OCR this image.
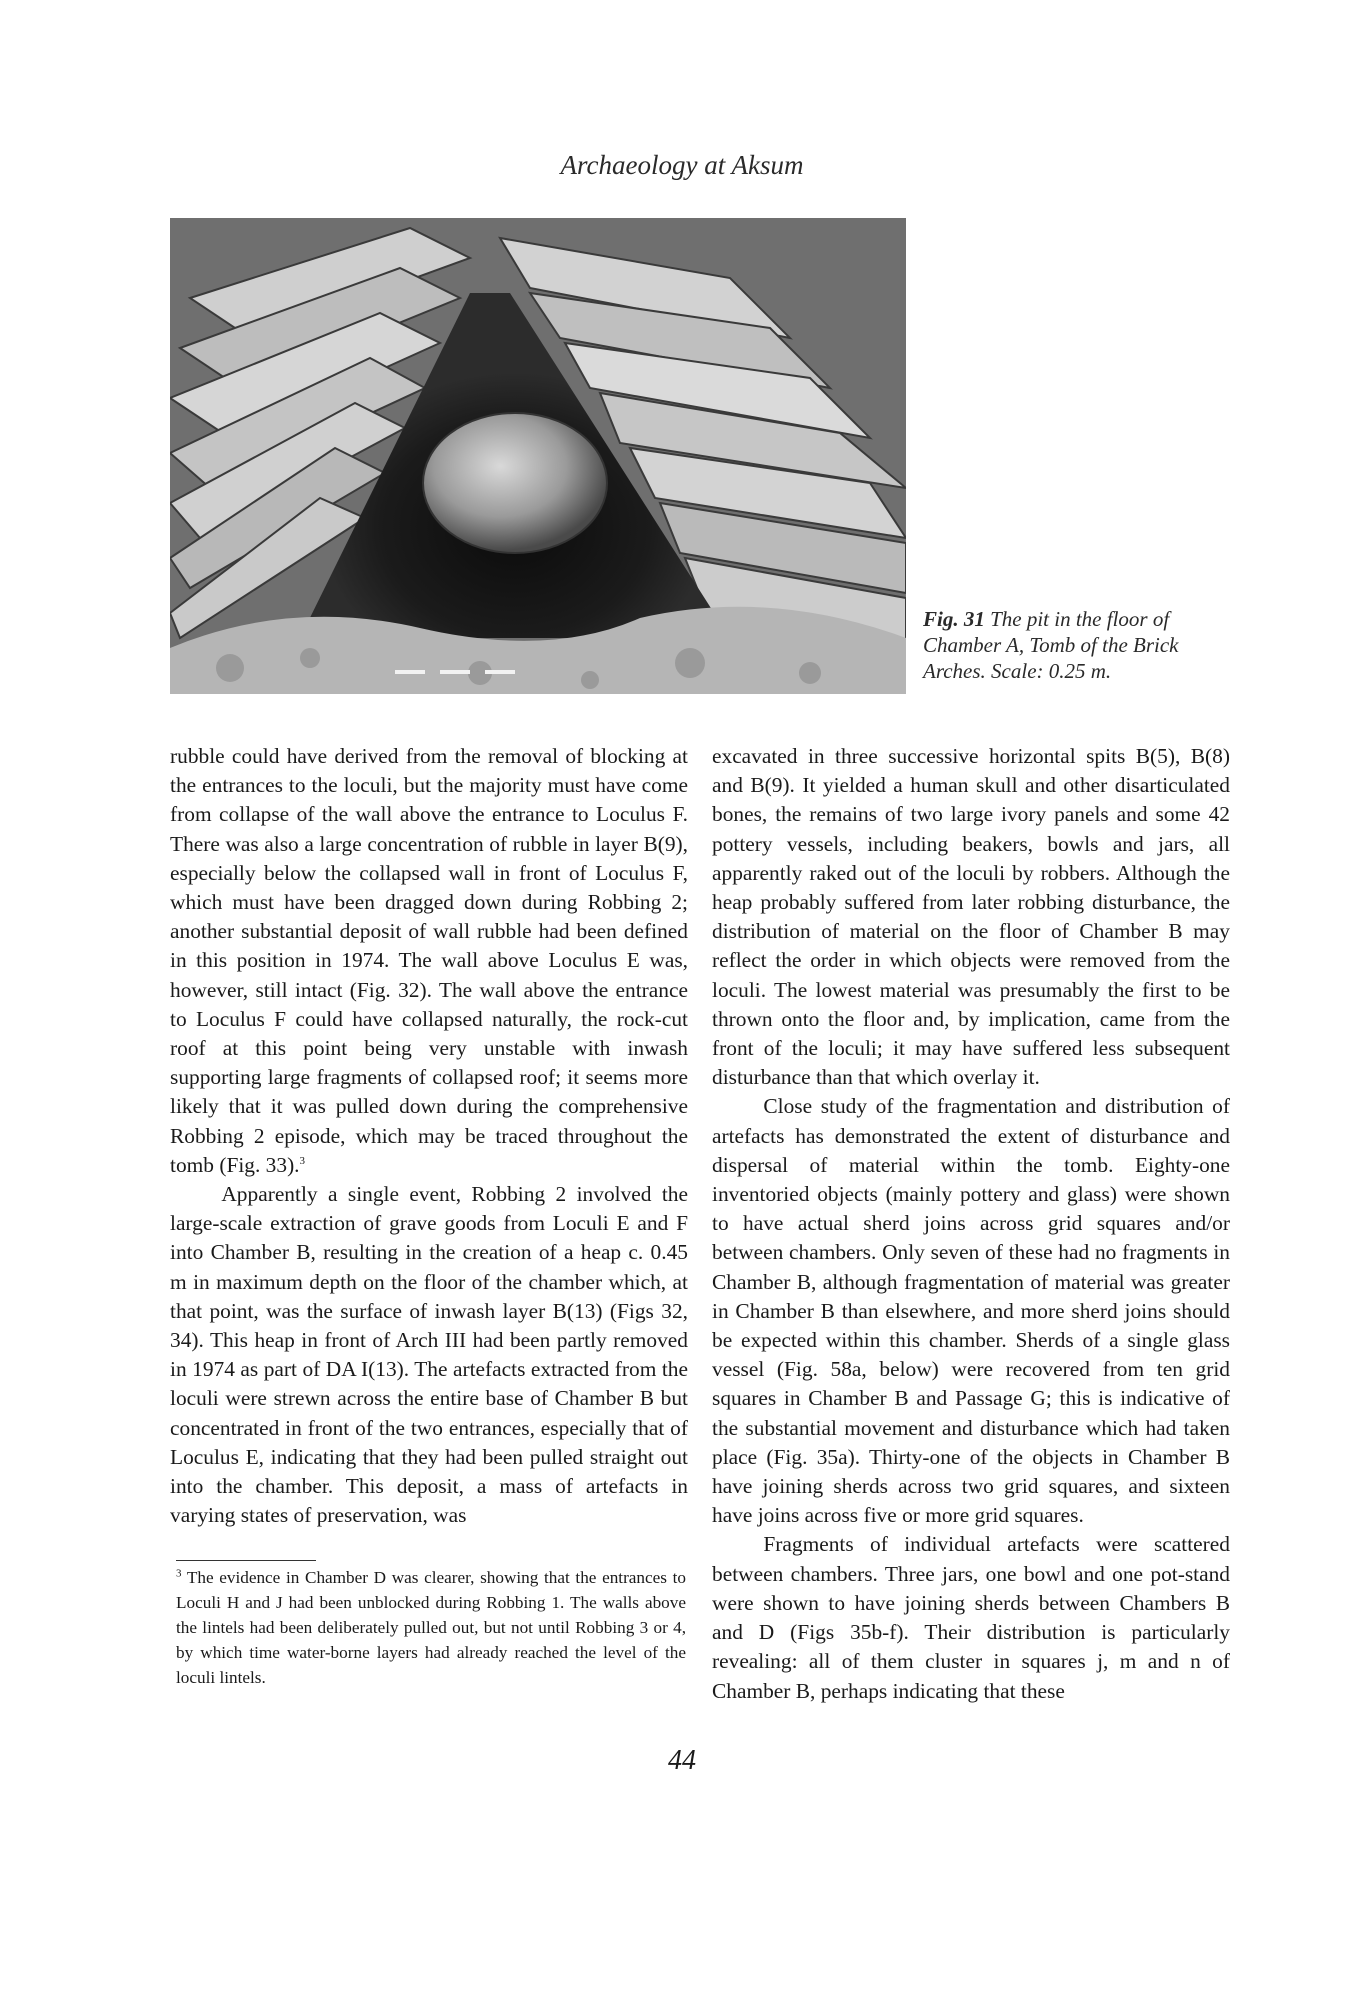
Archaeology at Aksum
Fig. 31 The pit in the floor of Chamber A, Tomb of the Brick Arches. Scale: 0.25 m.

rubble could have derived from the removal of blocking at the entrances to the loculi, but the majority must have come from collapse of the wall above the entrance to Loculus F. There was also a large concentration of rubble in layer B(9), especially below the collapsed wall in front of Loculus F, which must have been dragged down during Robbing 2; another substantial deposit of wall rubble had been defined in this position in 1974. The wall above Loculus E was, however, still intact (Fig. 32). The wall above the entrance to Loculus F could have collapsed naturally, the rock-cut roof at this point being very unstable with inwash supporting large fragments of collapsed roof; it seems more likely that it was pulled down during the comprehensive Robbing 2 episode, which may be traced throughout the tomb (Fig. 33).$^3$

Apparently a single event, Robbing 2 involved the large-scale extraction of grave goods from Loculi E and F into Chamber B, resulting in the creation of a heap c. 0.45 m in maximum depth on the floor of the chamber which, at that point, was the surface of inwash layer B(13) (Figs 32, 34). This heap in front of Arch III had been partly removed in 1974 as part of DA I(13). The artefacts extracted from the loculi were strewn across the entire base of Chamber B but concentrated in front of the two entrances, especially that of Loculus E, indicating that they had been pulled straight out into the chamber. This deposit, a mass of artefacts in varying states of preservation, was

excavated in three successive horizontal spits B(5), B(8) and B(9). It yielded a human skull and other disarticulated bones, the remains of two large ivory panels and some 42 pottery vessels, including beakers, bowls and jars, all apparently raked out of the loculi by robbers. Although the heap probably suffered from later robbing disturbance, the distribution of material on the floor of Chamber B may reflect the order in which objects were removed from the loculi. The lowest material was presumably the first to be thrown onto the floor and, by implication, came from the front of the loculi; it may have suffered less subsequent disturbance than that which overlay it.

Close study of the fragmentation and distribution of artefacts has demonstrated the extent of disturbance and dispersal of material within the tomb. Eighty-one inventoried objects (mainly pottery and glass) were shown to have actual sherd joins across grid squares and/or between chambers. Only seven of these had no fragments in Chamber B, although fragmentation of material was greater in Chamber B than elsewhere, and more sherd joins should be expected within this chamber. Sherds of a single glass vessel (Fig. 58a, below) were recovered from ten grid squares in Chamber B and Passage G; this is indicative of the substantial movement and disturbance which had taken place (Fig. 35a). Thirty-one of the objects in Chamber B have joining sherds across two grid squares, and sixteen have joins across five or more grid squares.

Fragments of individual artefacts were scattered between chambers. Three jars, one bowl and one pot-stand were shown to have joining sherds between Chambers B and D (Figs 35b-f). Their distribution is particularly revealing: all of them cluster in squares j, m and n of Chamber B, perhaps indicating that these

$^3$ The evidence in Chamber D was clearer, showing that the entrances to Loculi H and J had been unblocked during Robbing 1. The walls above the lintels had been deliberately pulled out, but not until Robbing 3 or 4, by which time water-borne layers had already reached the level of the loculi lintels.
44
